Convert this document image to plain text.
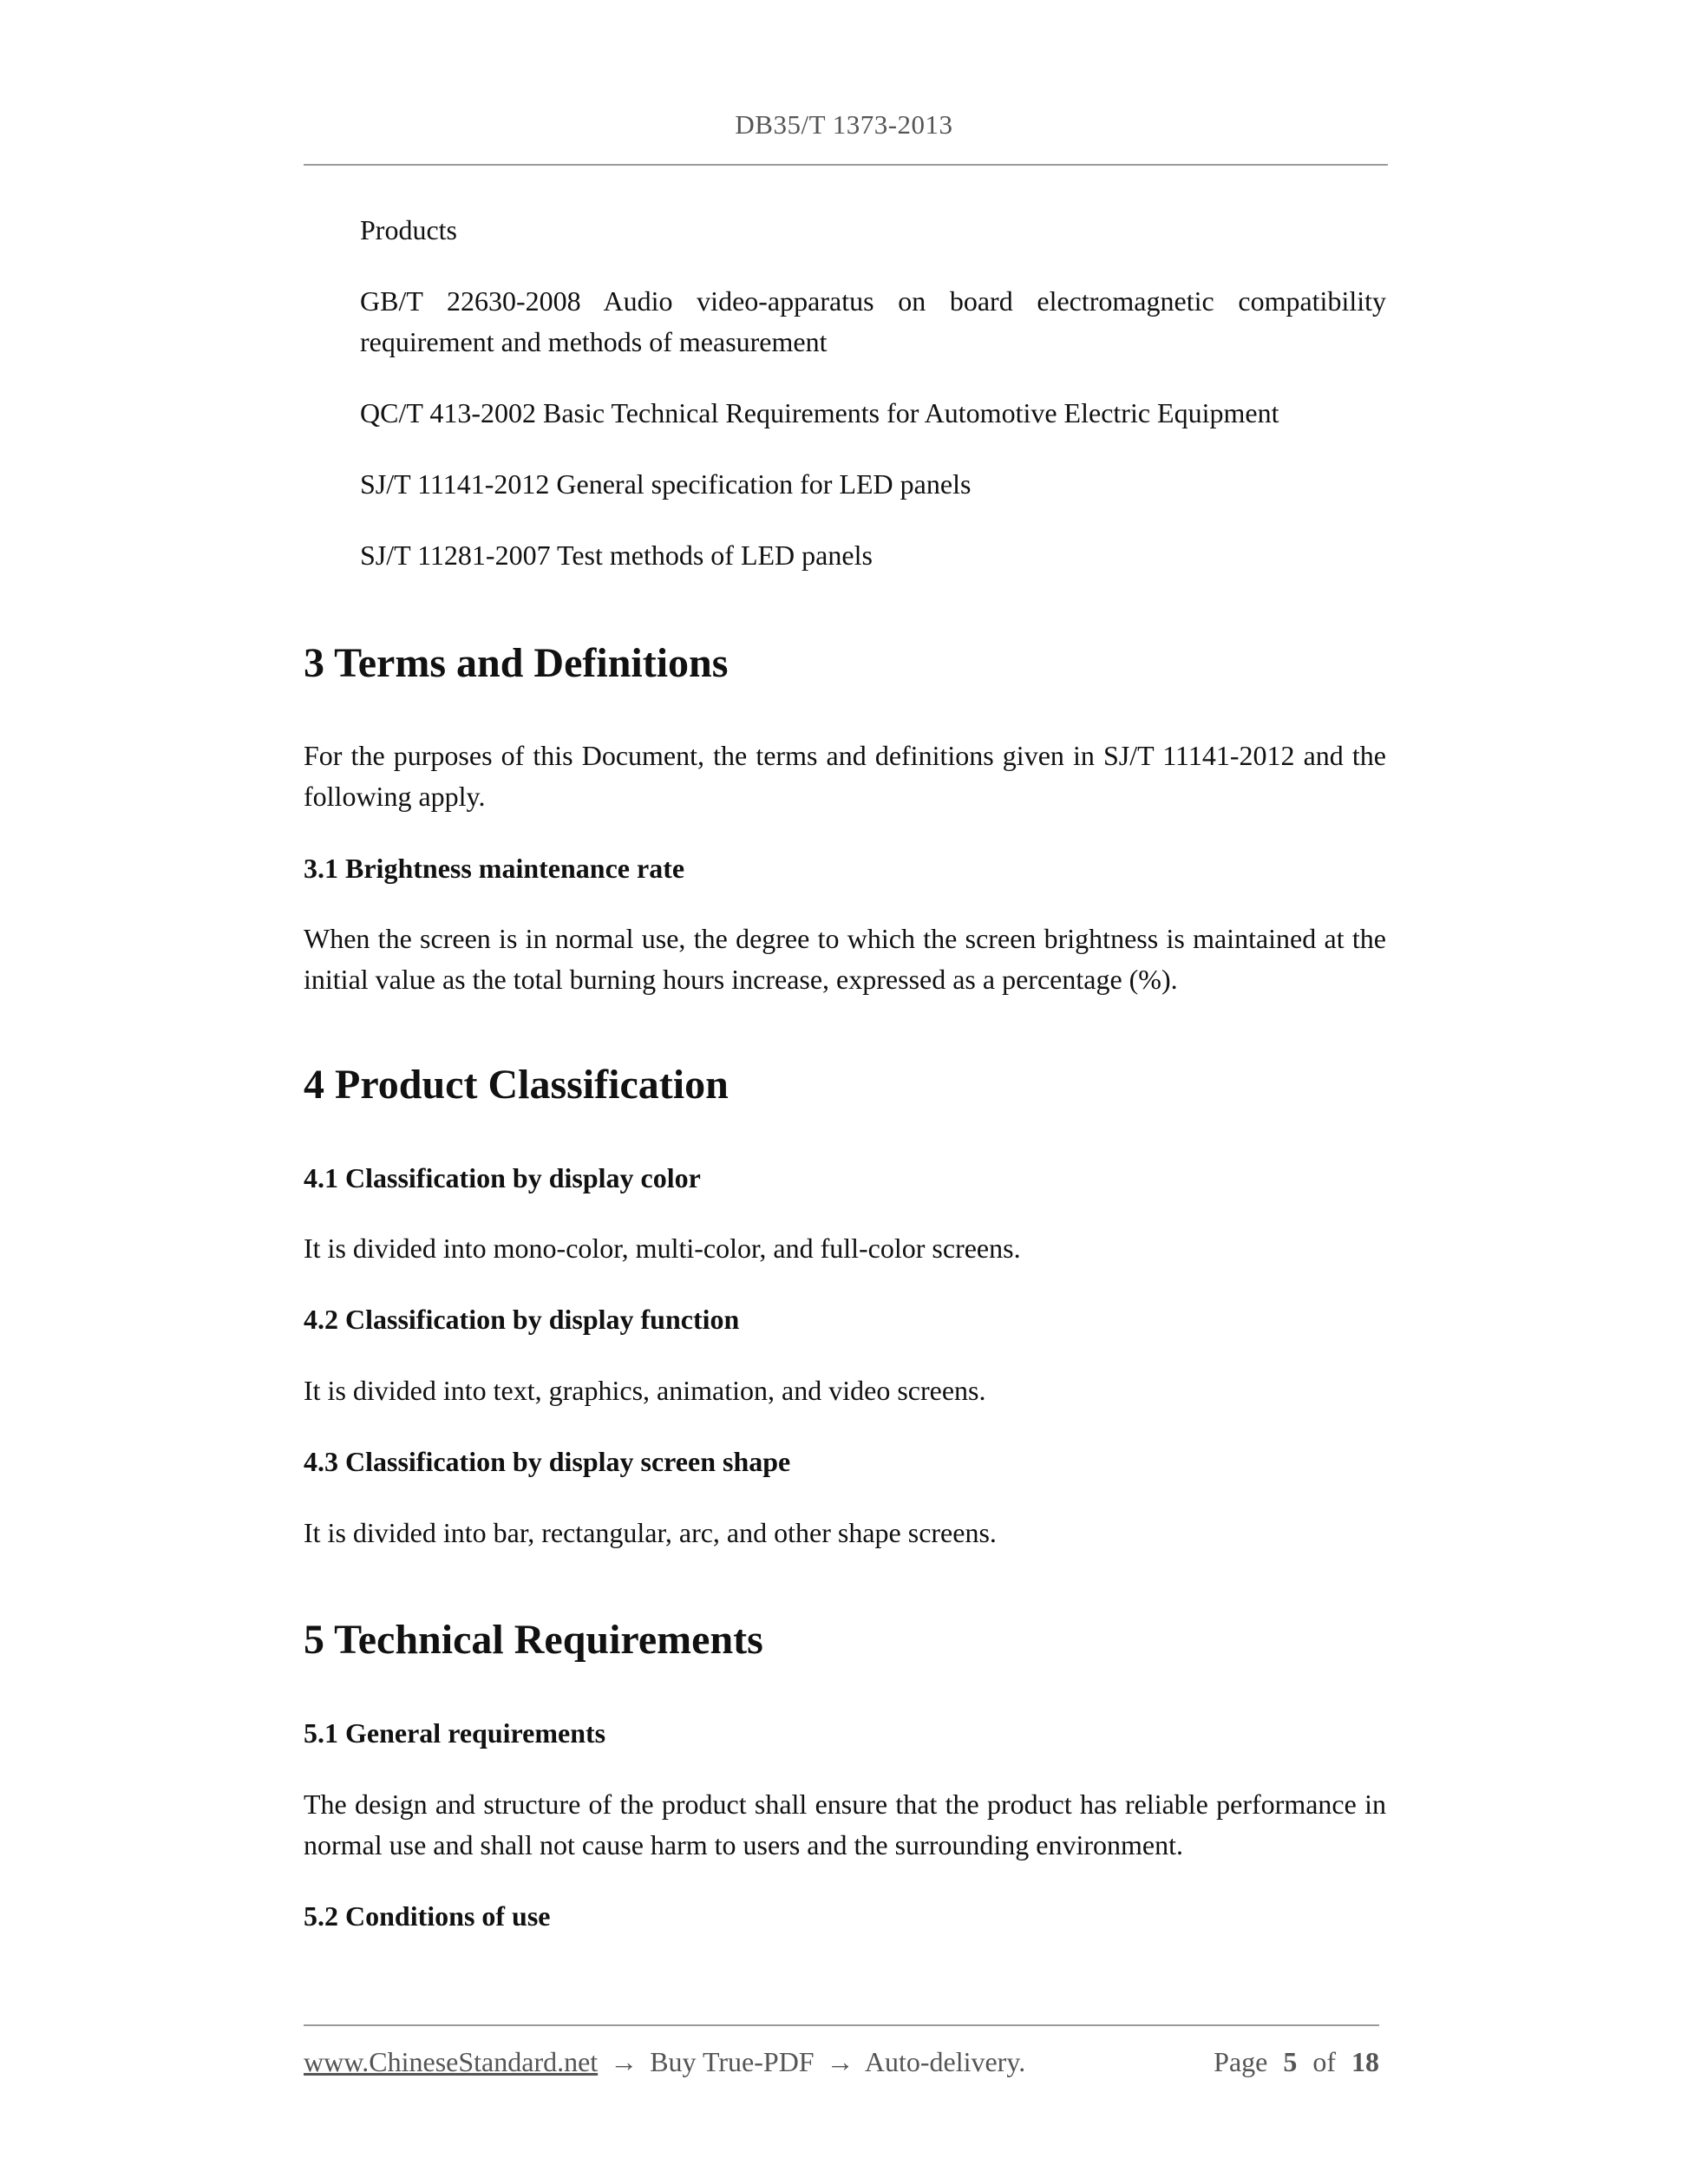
DB35/T 1373-2013

Products

GB/T 22630-2008 Audio video-apparatus on board electromagnetic compatibility requirement and methods of measurement

QC/T 413-2002 Basic Technical Requirements for Automotive Electric Equipment

SJ/T 11141-2012 General specification for LED panels

SJ/T 11281-2007 Test methods of LED panels

3 Terms and Definitions

For the purposes of this Document, the terms and definitions given in SJ/T 11141-2012 and the following apply.

3.1 Brightness maintenance rate

When the screen is in normal use, the degree to which the screen brightness is maintained at the initial value as the total burning hours increase, expressed as a percentage (%).

4 Product Classification
4.1 Classification by display color

It is divided into mono-color, multi-color, and full-color screens.

4.2 Classification by display function

It is divided into text, graphics, animation, and video screens.

4.3 Classification by display screen shape

It is divided into bar, rectangular, arc, and other shape screens.

5 Technical Requirements
5.1 General requirements

The design and structure of the product shall ensure that the product has reliable performance in normal use and shall not cause harm to users and the surrounding environment.

5.2 Conditions of use
www.ChineseStandard.net → Buy True-PDF → Auto-delivery.	Page 5 of 18
